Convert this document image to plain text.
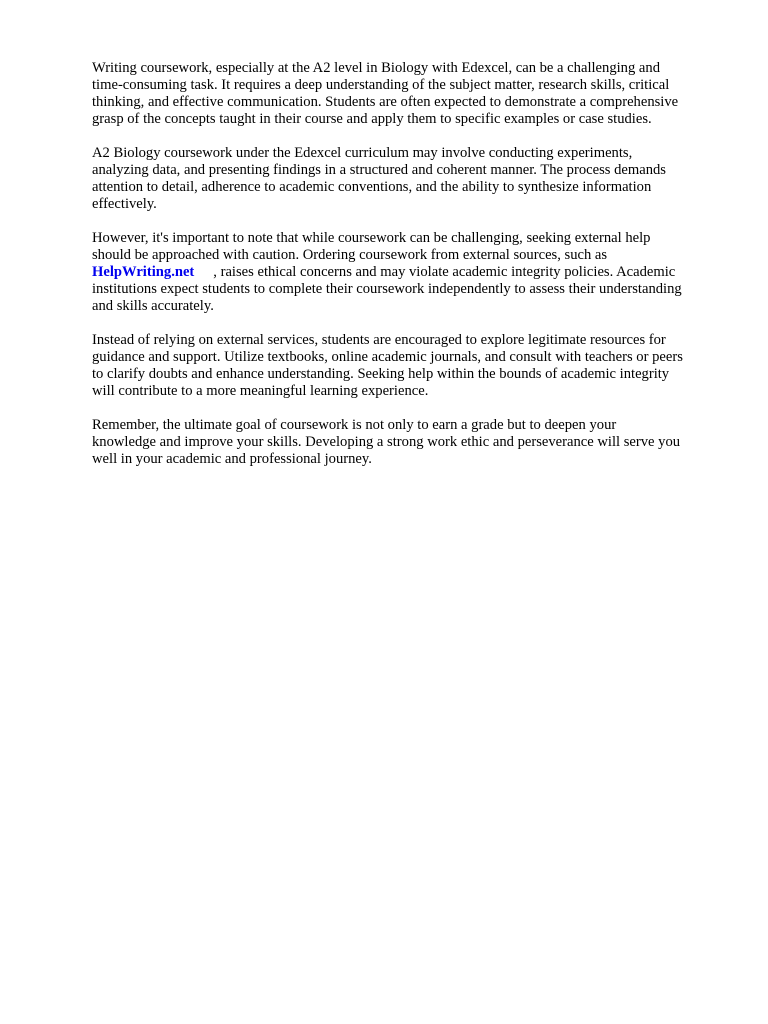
Writing coursework, especially at the A2 level in Biology with Edexcel, can be a challenging and
time-consuming task. It requires a deep understanding of the subject matter, research skills, critical
thinking, and effective communication. Students are often expected to demonstrate a comprehensive
grasp of the concepts taught in their course and apply them to specific examples or case studies.

A2 Biology coursework under the Edexcel curriculum may involve conducting experiments,
analyzing data, and presenting findings in a structured and coherent manner. The process demands
attention to detail, adherence to academic conventions, and the ability to synthesize information
effectively.

However, it's important to note that while coursework can be challenging, seeking external help
should be approached with caution. Ordering coursework from external sources, such as
HelpWriting.net , raises ethical concerns and may violate academic integrity policies. Academic
institutions expect students to complete their coursework independently to assess their understanding
and skills accurately.

Instead of relying on external services, students are encouraged to explore legitimate resources for
guidance and support. Utilize textbooks, online academic journals, and consult with teachers or peers
to clarify doubts and enhance understanding. Seeking help within the bounds of academic integrity
will contribute to a more meaningful learning experience.

Remember, the ultimate goal of coursework is not only to earn a grade but to deepen your
knowledge and improve your skills. Developing a strong work ethic and perseverance will serve you
well in your academic and professional journey.
